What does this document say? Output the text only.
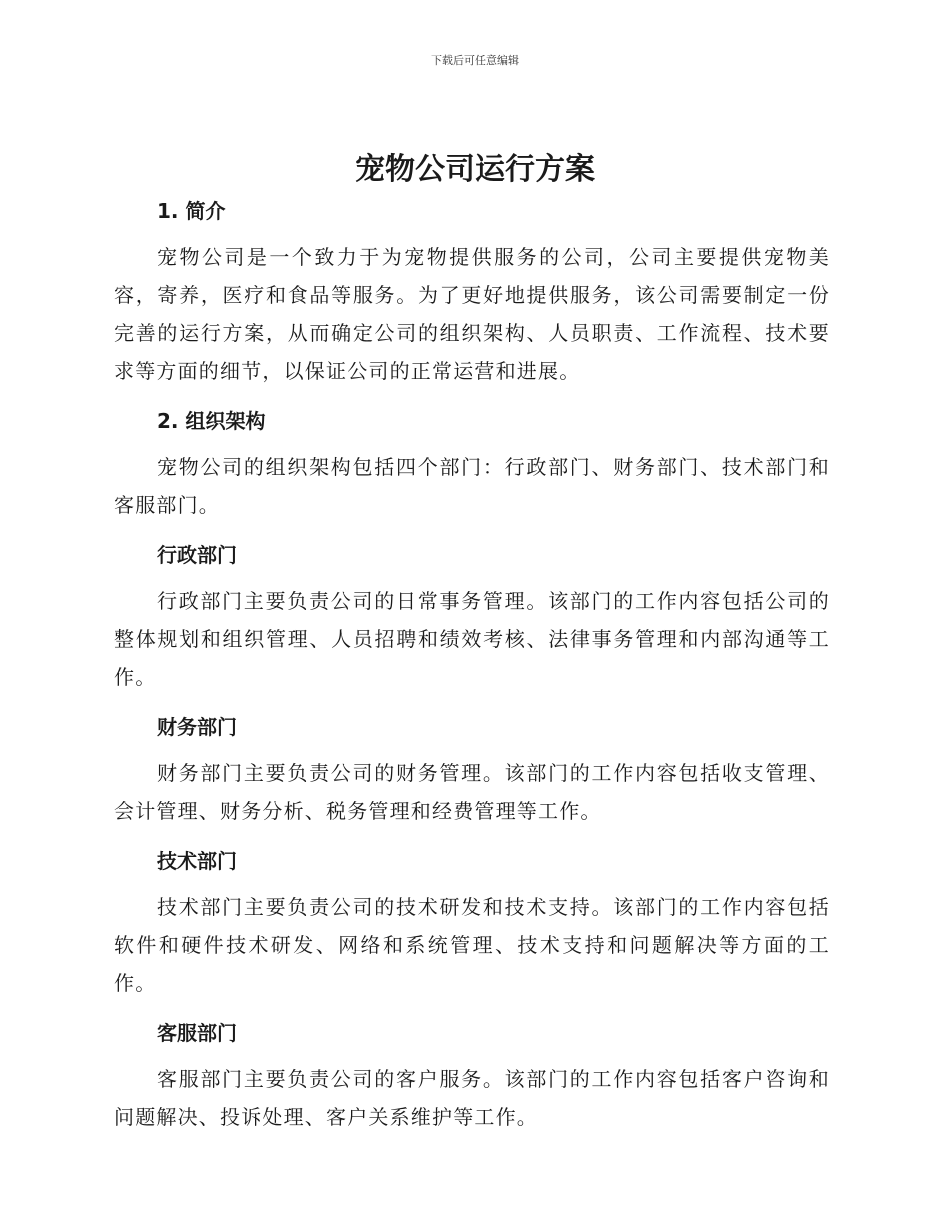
下载后可任意编辑
宠物公司运行方案
1. 简介

宠物公司是一个致力于为宠物提供服务的公司，公司主要提供宠物美容，寄养，医疗和食品等服务。为了更好地提供服务，该公司需要制定一份完善的运行方案，从而确定公司的组织架构、人员职责、工作流程、技术要求等方面的细节，以保证公司的正常运营和进展。

2. 组织架构

宠物公司的组织架构包括四个部门：行政部门、财务部门、技术部门和客服部门。

行政部门

行政部门主要负责公司的日常事务管理。该部门的工作内容包括公司的整体规划和组织管理、人员招聘和绩效考核、法律事务管理和内部沟通等工作。

财务部门

财务部门主要负责公司的财务管理。该部门的工作内容包括收支管理、会计管理、财务分析、税务管理和经费管理等工作。

技术部门

技术部门主要负责公司的技术研发和技术支持。该部门的工作内容包括软件和硬件技术研发、网络和系统管理、技术支持和问题解决等方面的工作。

客服部门

客服部门主要负责公司的客户服务。该部门的工作内容包括客户咨询和问题解决、投诉处理、客户关系维护等工作。
